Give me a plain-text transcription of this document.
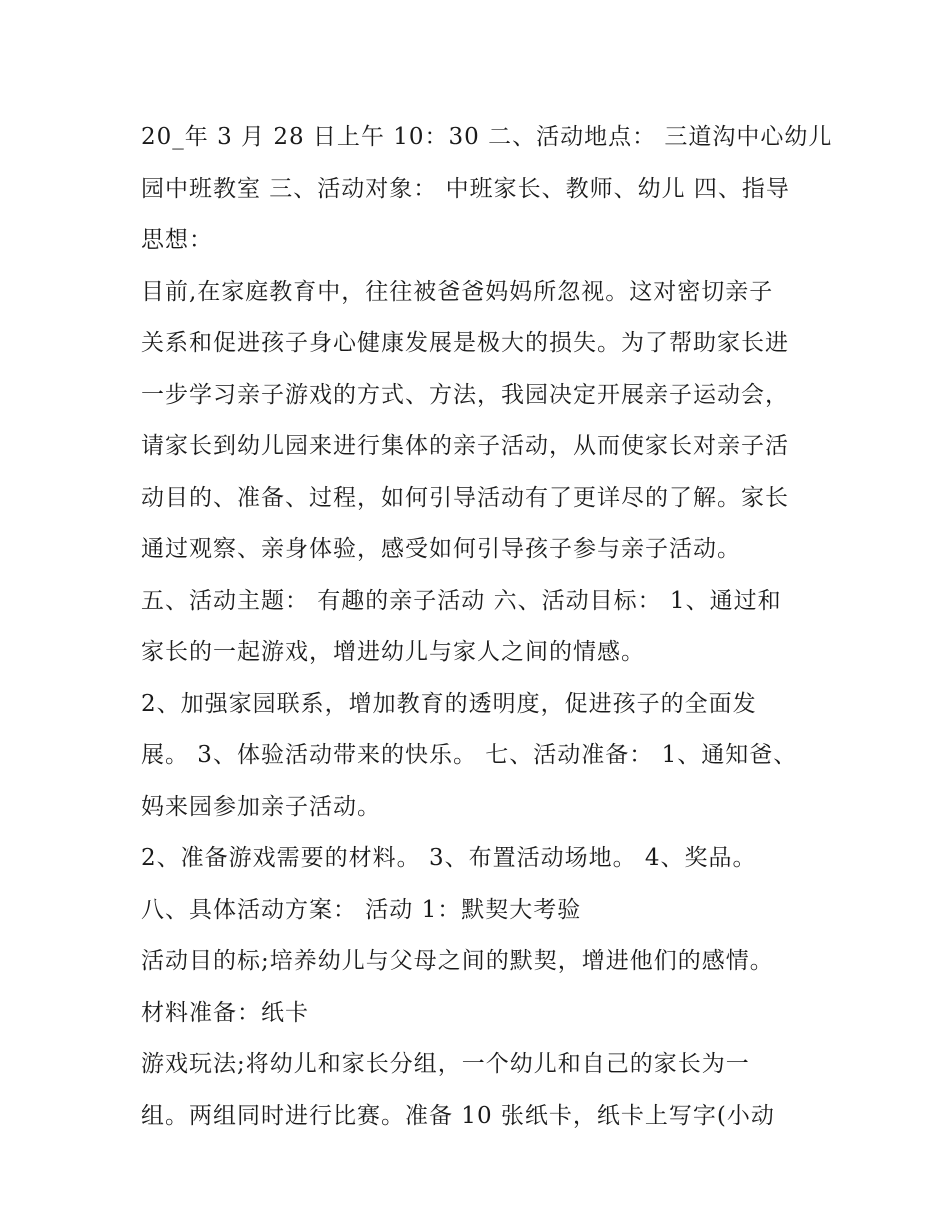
20_年 3 月 28 日上午 10：30 二、活动地点： 三道沟中心幼儿
园中班教室 三、活动对象： 中班家长、教师、幼儿 四、指导
思想：
目前,在家庭教育中，往往被爸爸妈妈所忽视。这对密切亲子
关系和促进孩子身心健康发展是极大的损失。为了帮助家长进
一步学习亲子游戏的方式、方法，我园决定开展亲子运动会，
请家长到幼儿园来进行集体的亲子活动，从而使家长对亲子活
动目的、准备、过程，如何引导活动有了更详尽的了解。家长
通过观察、亲身体验，感受如何引导孩子参与亲子活动。
五、活动主题： 有趣的亲子活动 六、活动目标： 1、通过和
家长的一起游戏，增进幼儿与家人之间的情感。
2、加强家园联系，增加教育的透明度，促进孩子的全面发
展。 3、体验活动带来的快乐。 七、活动准备： 1、通知爸、
妈来园参加亲子活动。
2、准备游戏需要的材料。 3、布置活动场地。 4、奖品。
八、具体活动方案： 活动 1：默契大考验
活动目的标;培养幼儿与父母之间的默契，增进他们的感情。
材料准备：纸卡
游戏玩法;将幼儿和家长分组，一个幼儿和自己的家长为一
组。两组同时进行比赛。准备 10 张纸卡，纸卡上写字(小动
